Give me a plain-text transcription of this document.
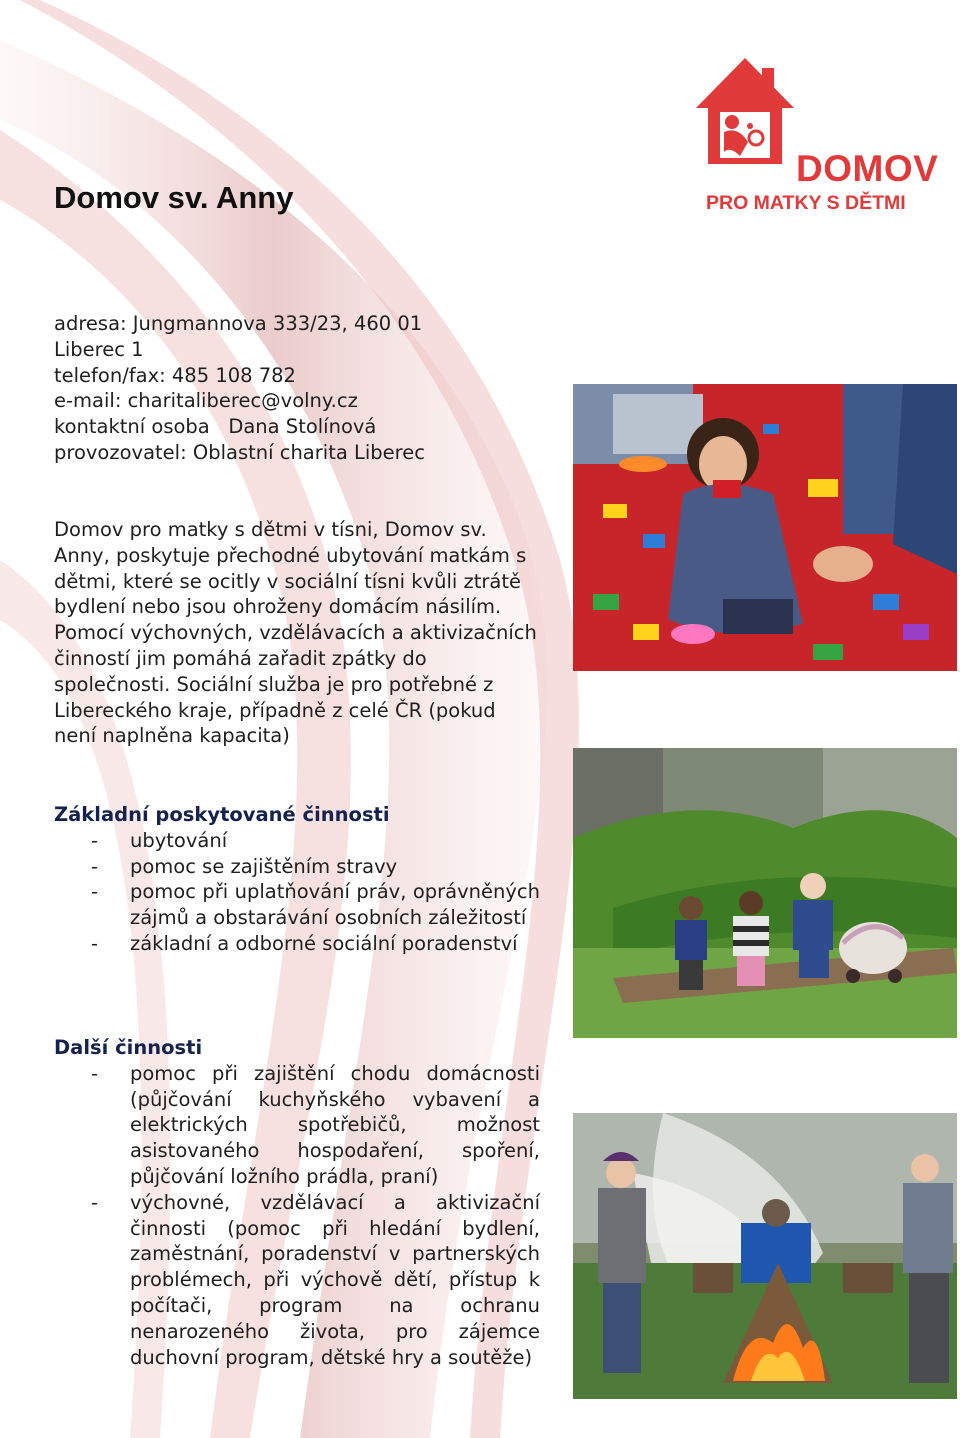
Domov sv. Anny
DOMOV
PRO MATKY S DĚTMI
adresa: Jungmannova 333/23, 460 01
Liberec 1
telefon/fax: 485 108 782
e-mail: charitaliberec@volny.cz
kontaktní osoba   Dana Stolínová
provozovatel: Oblastní charita Liberec

Domov pro matky s dětmi v tísni, Domov sv. Anny, poskytuje přechodné ubytování matkám s dětmi, které se ocitly v sociální tísni kvůli ztrátě bydlení nebo jsou ohroženy domácím násilím. Pomocí výchovných, vzdělávacích a aktivizačních činností jim pomáhá zařadit zpátky do společnosti. Sociální služba je pro potřebné z Libereckého kraje, případně z celé ČR (pokud není naplněna kapacita)

Základní poskytované činnosti
- ubytování
- pomoc se zajištěním stravy
- pomoc při uplatňování práv, oprávněných zájmů a obstarávání osobních záležitostí
- základní a odborné sociální poradenství
Další činnosti
- pomoc při zajištění chodu domácnosti (půjčování kuchyňského vybavení a elektrických spotřebičů, možnost asistovaného hospodaření, spoření, půjčování ložního prádla, praní)
- výchovné, vzdělávací a aktivizační činnosti (pomoc při hledání bydlení, zaměstnání, poradenství v partnerských problémech, při výchově dětí, přístup k počítači, program na ochranu nenarozeného života, pro zájemce duchovní program, dětské hry a soutěže)
